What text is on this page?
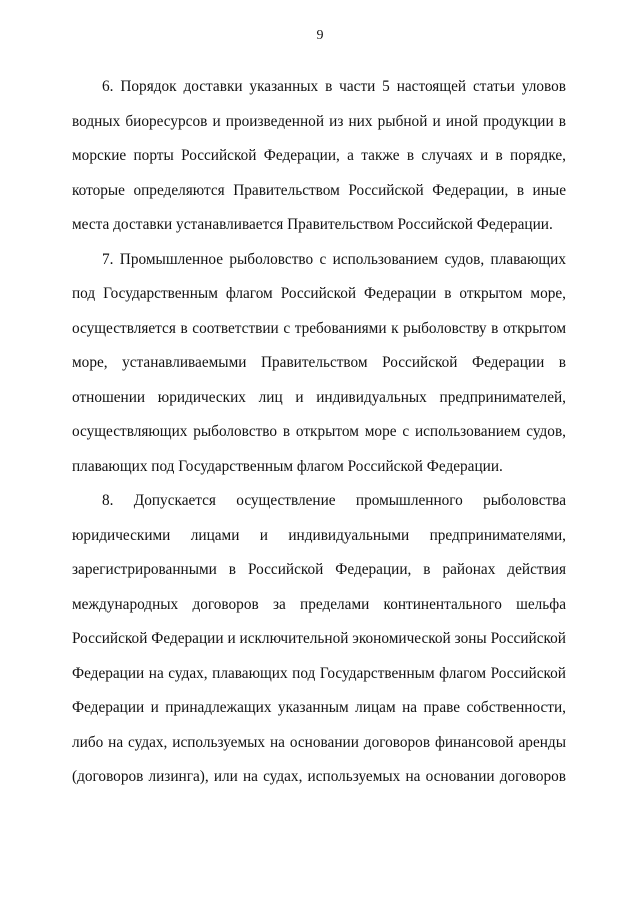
9
6. Порядок доставки указанных в части 5 настоящей статьи уловов
водных биоресурсов и произведенной из них рыбной и иной продукции в
морские порты Российской Федерации, а также в случаях и в порядке,
которые определяются Правительством Российской Федерации, в иные
места доставки устанавливается Правительством Российской Федерации.
7. Промышленное рыболовство с использованием судов, плавающих
под Государственным флагом Российской Федерации в открытом море,
осуществляется в соответствии с требованиями к рыболовству в открытом
море, устанавливаемыми Правительством Российской Федерации в
отношении юридических лиц и индивидуальных предпринимателей,
осуществляющих рыболовство в открытом море с использованием судов,
плавающих под Государственным флагом Российской Федерации.
8. Допускается осуществление промышленного рыболовства
юридическими лицами и индивидуальными предпринимателями,
зарегистрированными в Российской Федерации, в районах действия
международных договоров за пределами континентального шельфа
Российской Федерации и исключительной экономической зоны Российской
Федерации на судах, плавающих под Государственным флагом Российской
Федерации и принадлежащих указанным лицам на праве собственности,
либо на судах, используемых на основании договоров финансовой аренды
(договоров лизинга), или на судах, используемых на основании договоров
